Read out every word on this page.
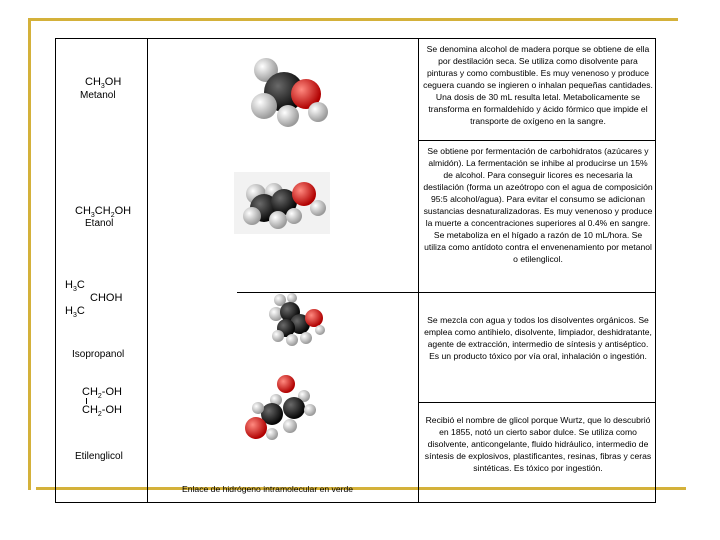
$CH_3OH$
Metanol
Se denomina alcohol de madera porque se obtiene de ella por destilación seca. Se utiliza como disolvente para pinturas y como combustible. Es muy venenoso y produce ceguera cuando se ingieren o inhalan pequeñas cantidades. Una dosis de 30 mL resulta letal. Metabolicamente se transforma en formaldehído y ácido fórmico que impide el transporte de oxígeno en la sangre.
$CH_3CH_2OH$
Etanol
Se obtiene por fermentación de carbohidratos (azúcares y almidón). La fermentación se inhibe al producirse un 15% de alcohol. Para conseguir licores es necesaria la destilación (forma un azeótropo con el agua de composición 95:5 alcohol/agua). Para evitar el consumo se adicionan sustancias desnaturalizadoras. Es muy venenoso y produce la muerte a concentraciones superiores al 0.4% en sangre. Se metaboliza en el hígado a razón de 10 mL/hora. Se utiliza como antídoto contra el envenenamiento por metanol o etilenglicol.
$H_3C$
CHOH
$H_3C$
Isopropanol
Se mezcla con agua y todos los disolventes orgánicos. Se emplea como antihielo, disolvente, limpiador, deshidratante, agente de extracción, intermedio de síntesis y antiséptico. Es un producto tóxico por vía oral, inhalación o ingestión.
$CH_2-OH$
$CH_2-OH$
Etilenglicol
Recibió el nombre de glicol porque Wurtz, que lo descubrió en 1855, notó un cierto sabor dulce. Se utiliza como disolvente, anticongelante, fluido hidráulico, intermedio de síntesis de explosivos, plastificantes, resinas, fibras y ceras sintéticas. Es tóxico por ingestión.
Enlace de hidrógeno intramolecular en verde
